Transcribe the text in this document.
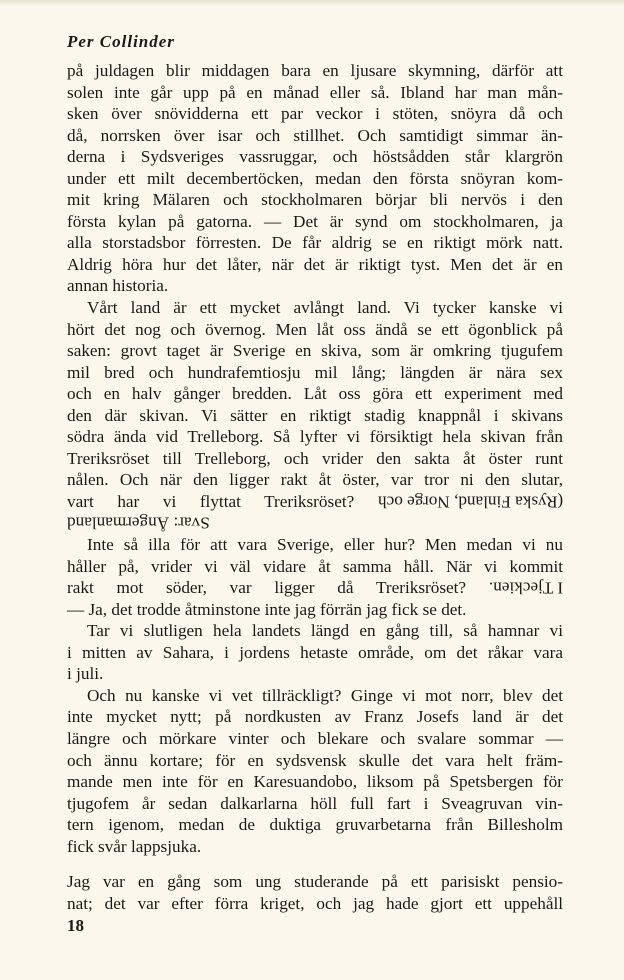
Per Collinder
på juldagen blir middagen bara en ljusare skymning, därför att
solen inte går upp på en månad eller så. Ibland har man mån-
sken över snövidderna ett par veckor i stöten, snöyra då och
då, norrsken över isar och stillhet. Och samtidigt simmar än-
derna i Sydsveriges vassruggar, och höstsådden står klargrön
under ett milt decembertöcken, medan den första snöyran kom-
mit kring Mälaren och stockholmaren börjar bli nervös i den
första kylan på gatorna. — Det är synd om stockholmaren, ja
alla storstadsbor förresten. De får aldrig se en riktigt mörk natt.
Aldrig höra hur det låter, när det är riktigt tyst. Men det är en
annan historia.
Vårt land är ett mycket avlångt land. Vi tycker kanske vi
hört det nog och övernog. Men låt oss ändå se ett ögonblick på
saken: grovt taget är Sverige en skiva, som är omkring tjugufem
mil bred och hundrafemtiosju mil lång; längden är nära sex
och en halv gånger bredden. Låt oss göra ett experiment med
den där skivan. Vi sätter en riktigt stadig knappnål i skivans
södra ända vid Trelleborg. Så lyfter vi försiktigt hela skivan från
Treriksröset till Trelleborg, och vrider den sakta åt öster runt
nålen. Och när den ligger rakt åt öster, var tror ni den slutar,
vart har vi flyttat Treriksröset? (Ryska Finland, Norge och
Svar: Ångermanland
Inte så illa för att vara Sverige, eller hur? Men medan vi nu
håller på, vrider vi väl vidare åt samma håll. När vi kommit
rakt mot söder, var ligger då Treriksröset? I Tjeckien.
— Ja, det trodde åtminstone inte jag förrän jag fick se det.
Tar vi slutligen hela landets längd en gång till, så hamnar vi
i mitten av Sahara, i jordens hetaste område, om det råkar vara
i juli.
Och nu kanske vi vet tillräckligt? Ginge vi mot norr, blev det
inte mycket nytt; på nordkusten av Franz Josefs land är det
längre och mörkare vinter och blekare och svalare sommar —
och ännu kortare; för en sydsvensk skulle det vara helt främ-
mande men inte för en Karesuandobo, liksom på Spetsbergen för
tjugofem år sedan dalkarlarna höll full fart i Sveagruvan vin-
tern igenom, medan de duktiga gruvarbetarna från Billesholm
fick svår lappsjuka.
Jag var en gång som ung studerande på ett parisiskt pensio-
nat; det var efter förra kriget, och jag hade gjort ett uppehåll
18
